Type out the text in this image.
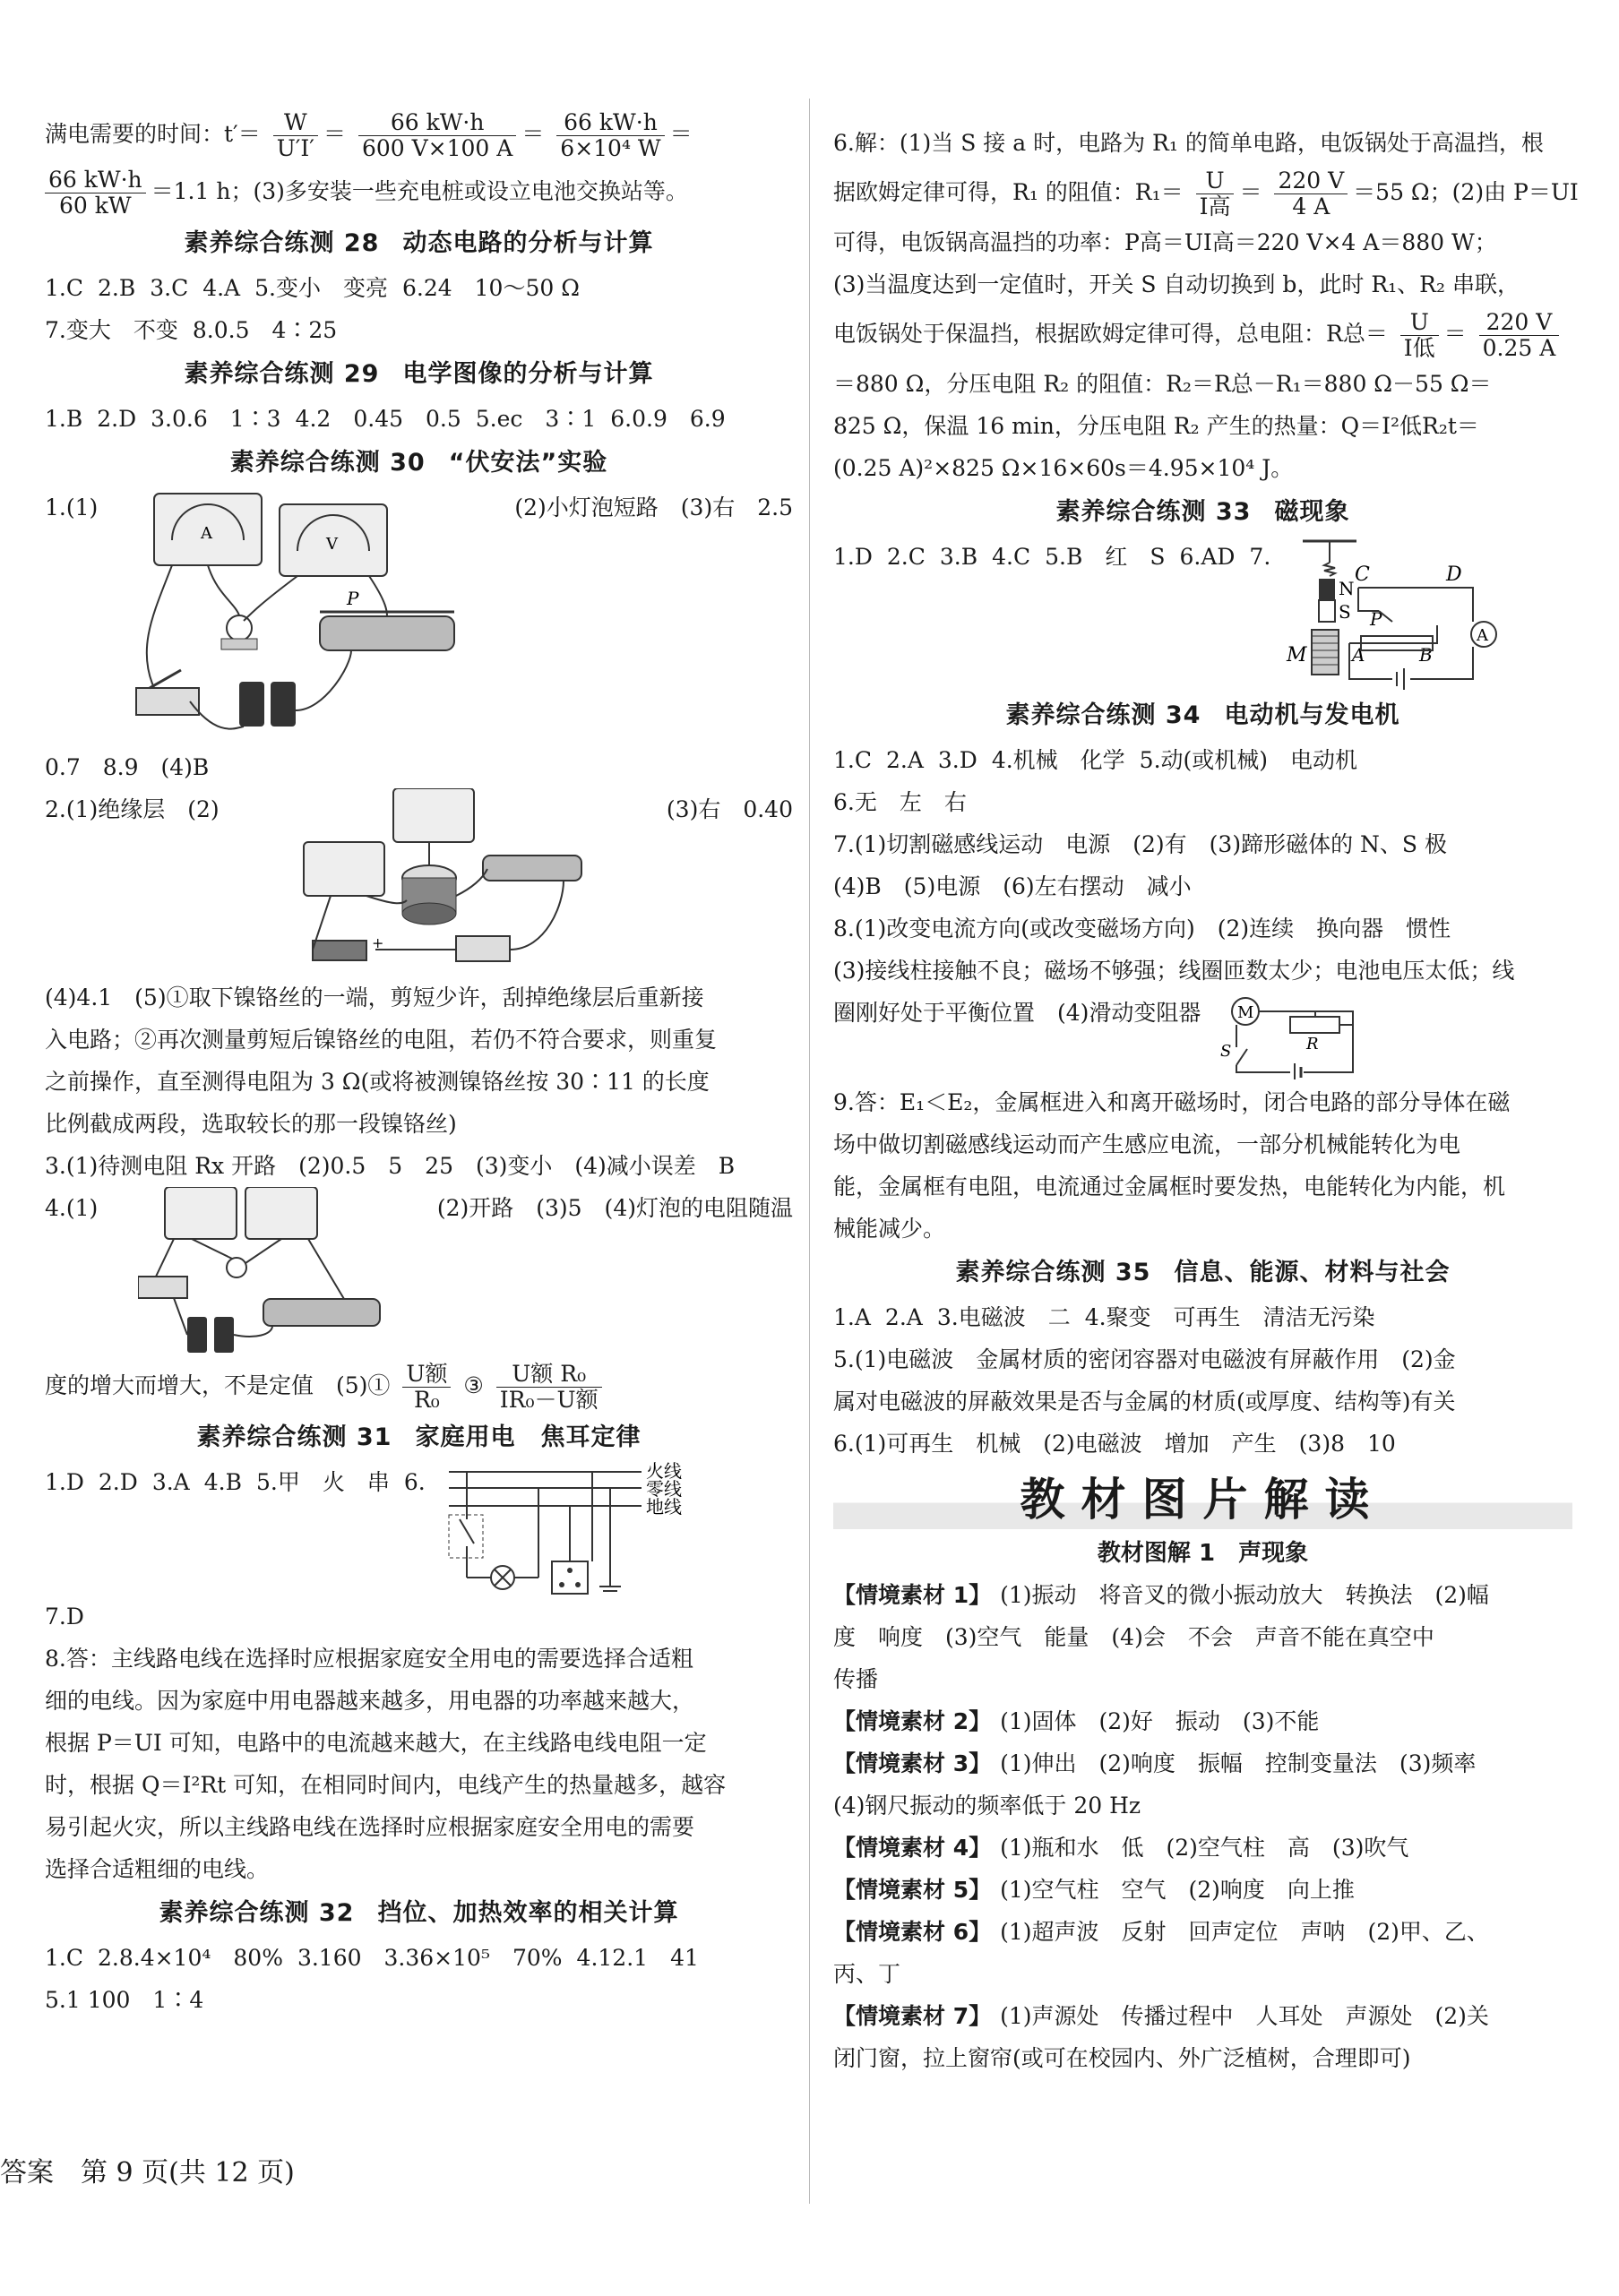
满电需要的时间：$t'= \frac{W}{U'I'} = \frac{66 kW\cdot h}{600 V\times 100 A} = \frac{66 kW\cdot h}{\text{6×10⁴ W}}$ ＝
$\frac{66 kW\cdot h}{60 kW} =1.1$ h；(3)多安装一些充电桩或设立电池交换站等。
素养综合练测 28 动态电路的分析与计算
1.C 2.B 3.C 4.A 5.变小　变亮 6.24　10～50 Ω
7.变大　不变 8.0.5　4∶25
素养综合练测 29 电学图像的分析与计算
1.B 2.D 3.0.6　1∶3 4.2　0.45　0.5 5.ec　3∶1 6.0.9　6.9
素养综合练测 30 “伏安法”实验
1.(1)
A
V
P
(2)小灯泡短路　(3)右　2.5
0.7　8.9　(4)B
2.(1)绝缘层　(2)
+
(3)右　0.40
(4)4.1　(5)①取下镍铬丝的一端，剪短少许，刮掉绝缘层后重新接
入电路；②再次测量剪短后镍铬丝的电阻，若仍不符合要求，则重复
之前操作，直至测得电阻为 3 Ω(或将被测镍铬丝按 30∶11 的长度
比例截成两段，选取较长的那一段镍铬丝)
3.(1)待测电阻 Rx 开路　(2)0.5　5　25　(3)变小　(4)减小误差　B
4.(1)	(2)开路　(3)5　(4)灯泡的电阻随温
度的增大而增大，不是定值　(5)① $\frac{\text{U额}}{\text{R₀}}$ ③ $\frac{\text{U额 R₀}}{\text{IR₀－U额}}$
素养综合练测 31 家庭用电　焦耳定律
1.D 2.D 3.A 4.B 5.甲　火　串 6.	火线
零线
地线
7.D
8.答：主线路电线在选择时应根据家庭安全用电的需要选择合适粗
细的电线。因为家庭中用电器越来越多，用电器的功率越来越大，
根据 P＝UI 可知，电路中的电流越来越大，在主线路电线电阻一定
时，根据 Q＝I²Rt 可知，在相同时间内，电线产生的热量越多，越容
易引起火灾，所以主线路电线在选择时应根据家庭安全用电的需要
选择合适粗细的电线。
素养综合练测 32 挡位、加热效率的相关计算
1.C 2.8.4×10⁴　80% 3.160　3.36×10⁵　70% 4.12.1　41
5.1 100　1∶4
6.解：(1)当 S 接 a 时，电路为 R₁ 的简单电路，电饭锅处于高温挡，根
据欧姆定律可得，R₁ 的阻值：$R_1= \frac{U}{\text{I高}} = \frac{220 V}{4 A} =55$ Ω；(2)由 P＝UI
可得，电饭锅高温挡的功率：P高＝UI高＝220 V×4 A＝880 W；
(3)当温度达到一定值时，开关 S 自动切换到 b，此时 R₁、R₂ 串联，
电饭锅处于保温挡，根据欧姆定律可得，总电阻：R总＝ $\frac{U}{\text{I低}} = \frac{220 V}{0.25 A}$
＝880 Ω，分压电阻 R₂ 的阻值：R₂＝R总－R₁＝880 Ω－55 Ω＝
825 Ω，保温 16 min，分压电阻 R₂ 产生的热量：Q＝I²低R₂t＝
(0.25 A)²×825 Ω×16×60s＝4.95×10⁴ J。
素养综合练测 33 磁现象
1.D 2.C 3.B 4.C 5.B　红　S 6.AD 7.
N
S
C	D
P
M	A	B
A
素养综合练测 34 电动机与发电机
1.C 2.A 3.D 4.机械　化学 5.动(或机械)　电动机
6.无　左　右
7.(1)切割磁感线运动　电源　(2)有　(3)蹄形磁体的 N、S 极
(4)B　(5)电源　(6)左右摆动　减小
8.(1)改变电流方向(或改变磁场方向)　(2)连续　换向器　惯性
(3)接线柱接触不良；磁场不够强；线圈匝数太少；电池电压太低；线
圈刚好处于平衡位置　(4)滑动变阻器 M
R
S
9.答：E₁＜E₂，金属框进入和离开磁场时，闭合电路的部分导体在磁
场中做切割磁感线运动而产生感应电流，一部分机械能转化为电
能，金属框有电阻，电流通过金属框时要发热，电能转化为内能，机
械能减少。
素养综合练测 35 信息、能源、材料与社会
1.A 2.A 3.电磁波　二 4.聚变　可再生　清洁无污染
5.(1)电磁波　金属材质的密闭容器对电磁波有屏蔽作用　(2)金
属对电磁波的屏蔽效果是否与金属的材质(或厚度、结构等)有关
6.(1)可再生　机械　(2)电磁波　增加　产生　(3)8　10
教材图片解读
教材图解 1 声现象
【情境素材 1】 (1)振动　将音叉的微小振动放大　转换法　(2)幅
度　响度　(3)空气　能量　(4)会　不会　声音不能在真空中
传播
【情境素材 2】 (1)固体　(2)好　振动　(3)不能
【情境素材 3】 (1)伸出　(2)响度　振幅　控制变量法　(3)频率
(4)钢尺振动的频率低于 20 Hz
【情境素材 4】 (1)瓶和水　低　(2)空气柱　高　(3)吹气
【情境素材 5】 (1)空气柱　空气　(2)响度　向上推
【情境素材 6】 (1)超声波　反射　回声定位　声呐　(2)甲、乙、
丙、丁
【情境素材 7】 (1)声源处　传播过程中　人耳处　声源处　(2)关
闭门窗，拉上窗帘(或可在校园内、外广泛植树，合理即可)
答案　第 9 页(共 12 页)
